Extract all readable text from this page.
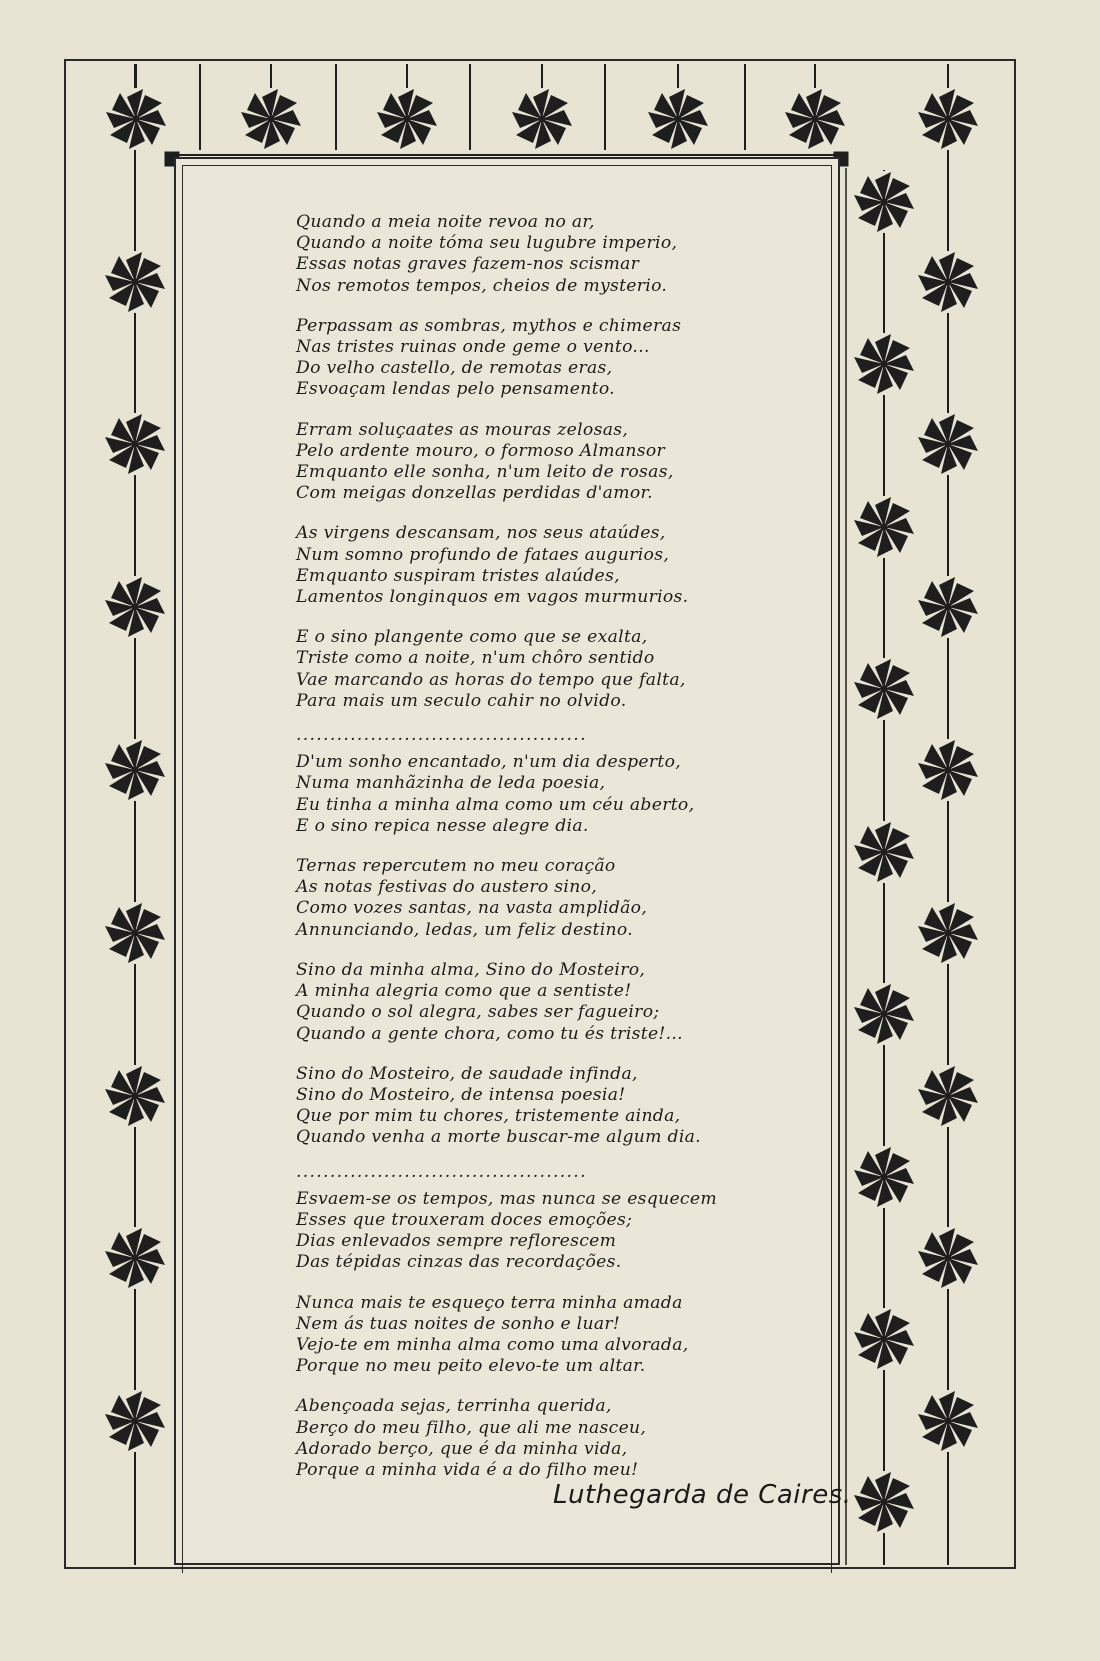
Quando a meia noite revoa no ar,
Quando a noite tóma seu lugubre imperio,
Essas notas graves fazem-nos scismar
Nos remotos tempos, cheios de mysterio.
Perpassam as sombras, mythos e chimeras
Nas tristes ruinas onde geme o vento...
Do velho castello, de remotas eras,
Esvoaçam lendas pelo pensamento.
Erram soluçaates as mouras zelosas,
Pelo ardente mouro, o formoso Almansor
Emquanto elle sonha, n'um leito de rosas,
Com meigas donzellas perdidas d'amor.
As virgens descansam, nos seus ataúdes,
Num somno profundo de fataes augurios,
Emquanto suspiram tristes alaúdes,
Lamentos longinquos em vagos murmurios.
E o sino plangente como que se exalta,
Triste como a noite, n'um chôro sentido
Vae marcando as horas do tempo que falta,
Para mais um seculo cahir no olvido.
...........................................
D'um sonho encantado, n'um dia desperto,
Numa manhãzinha de leda poesia,
Eu tinha a minha alma como um céu aberto,
E o sino repica nesse alegre dia.
Ternas repercutem no meu coração
As notas festivas do austero sino,
Como vozes santas, na vasta amplidão,
Annunciando, ledas, um feliz destino.
Sino da minha alma, Sino do Mosteiro,
A minha alegria como que a sentiste!
Quando o sol alegra, sabes ser fagueiro;
Quando a gente chora, como tu és triste!...
Sino do Mosteiro, de saudade infinda,
Sino do Mosteiro, de intensa poesia!
Que por mim tu chores, tristemente ainda,
Quando venha a morte buscar-me algum dia.
...........................................
Esvaem-se os tempos, mas nunca se esquecem
Esses que trouxeram doces emoções;
Dias enlevados sempre reflorescem
Das tépidas cinzas das recordações.
Nunca mais te esqueço terra minha amada
Nem ás tuas noites de sonho e luar!
Vejo-te em minha alma como uma alvorada,
Porque no meu peito elevo-te um altar.
Abençoada sejas, terrinha querida,
Berço do meu filho, que ali me nasceu,
Adorado berço, que é da minha vida,
Porque a minha vida é a do filho meu!
Luthegarda de Caires.
